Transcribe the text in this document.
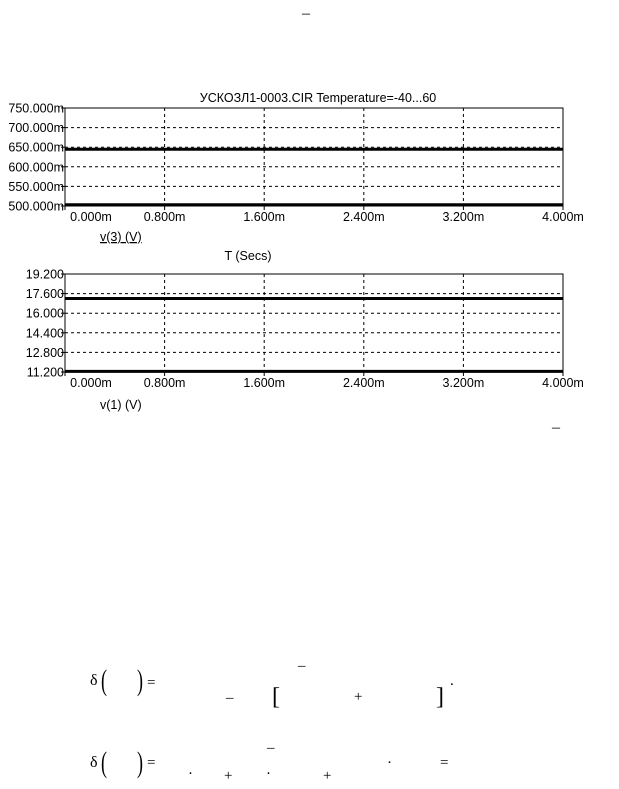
–
–
750.000m
700.000m
650.000m
600.000m
550.000m
500.000m
0.000m	0.800m	1.600m	2.400m	3.200m	4.000m
УСКОЗЛ1-0003.CIR Temperature=-40...60
v(3) (V)
T (Secs)
19.200
17.600
16.000
14.400
12.800
11.200
0.000m	0.800m	1.600m	2.400m	3.200m	4.000m
v(1) (V)
δ ( ) =
–
– [	+	]
.
δ ( ) =
· +
–
·	+
·	=
